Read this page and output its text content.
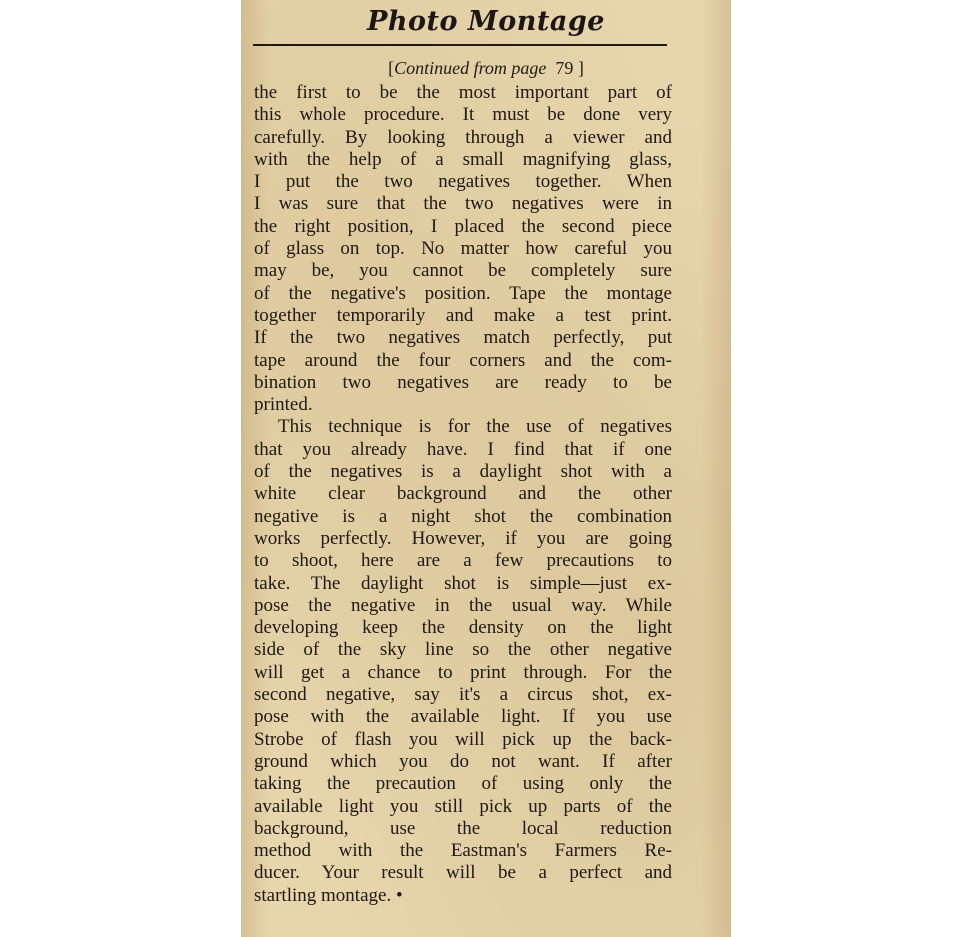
Photo Montage
[Continued from page 79 ]
the first to be the most important part of
this whole procedure. It must be done very
carefully. By looking through a viewer and
with the help of a small magnifying glass,
I put the two negatives together. When
I was sure that the two negatives were in
the right position, I placed the second piece
of glass on top. No matter how careful you
may be, you cannot be completely sure
of the negative's position. Tape the montage
together temporarily and make a test print.
If the two negatives match perfectly, put
tape around the four corners and the com-
bination two negatives are ready to be
printed.
This technique is for the use of negatives
that you already have. I find that if one
of the negatives is a daylight shot with a
white clear background and the other
negative is a night shot the combination
works perfectly. However, if you are going
to shoot, here are a few precautions to
take. The daylight shot is simple—just ex-
pose the negative in the usual way. While
developing keep the density on the light
side of the sky line so the other negative
will get a chance to print through. For the
second negative, say it's a circus shot, ex-
pose with the available light. If you use
Strobe of flash you will pick up the back-
ground which you do not want. If after
taking the precaution of using only the
available light you still pick up parts of the
background, use the local reduction
method with the Eastman's Farmers Re-
ducer. Your result will be a perfect and
startling montage. •
